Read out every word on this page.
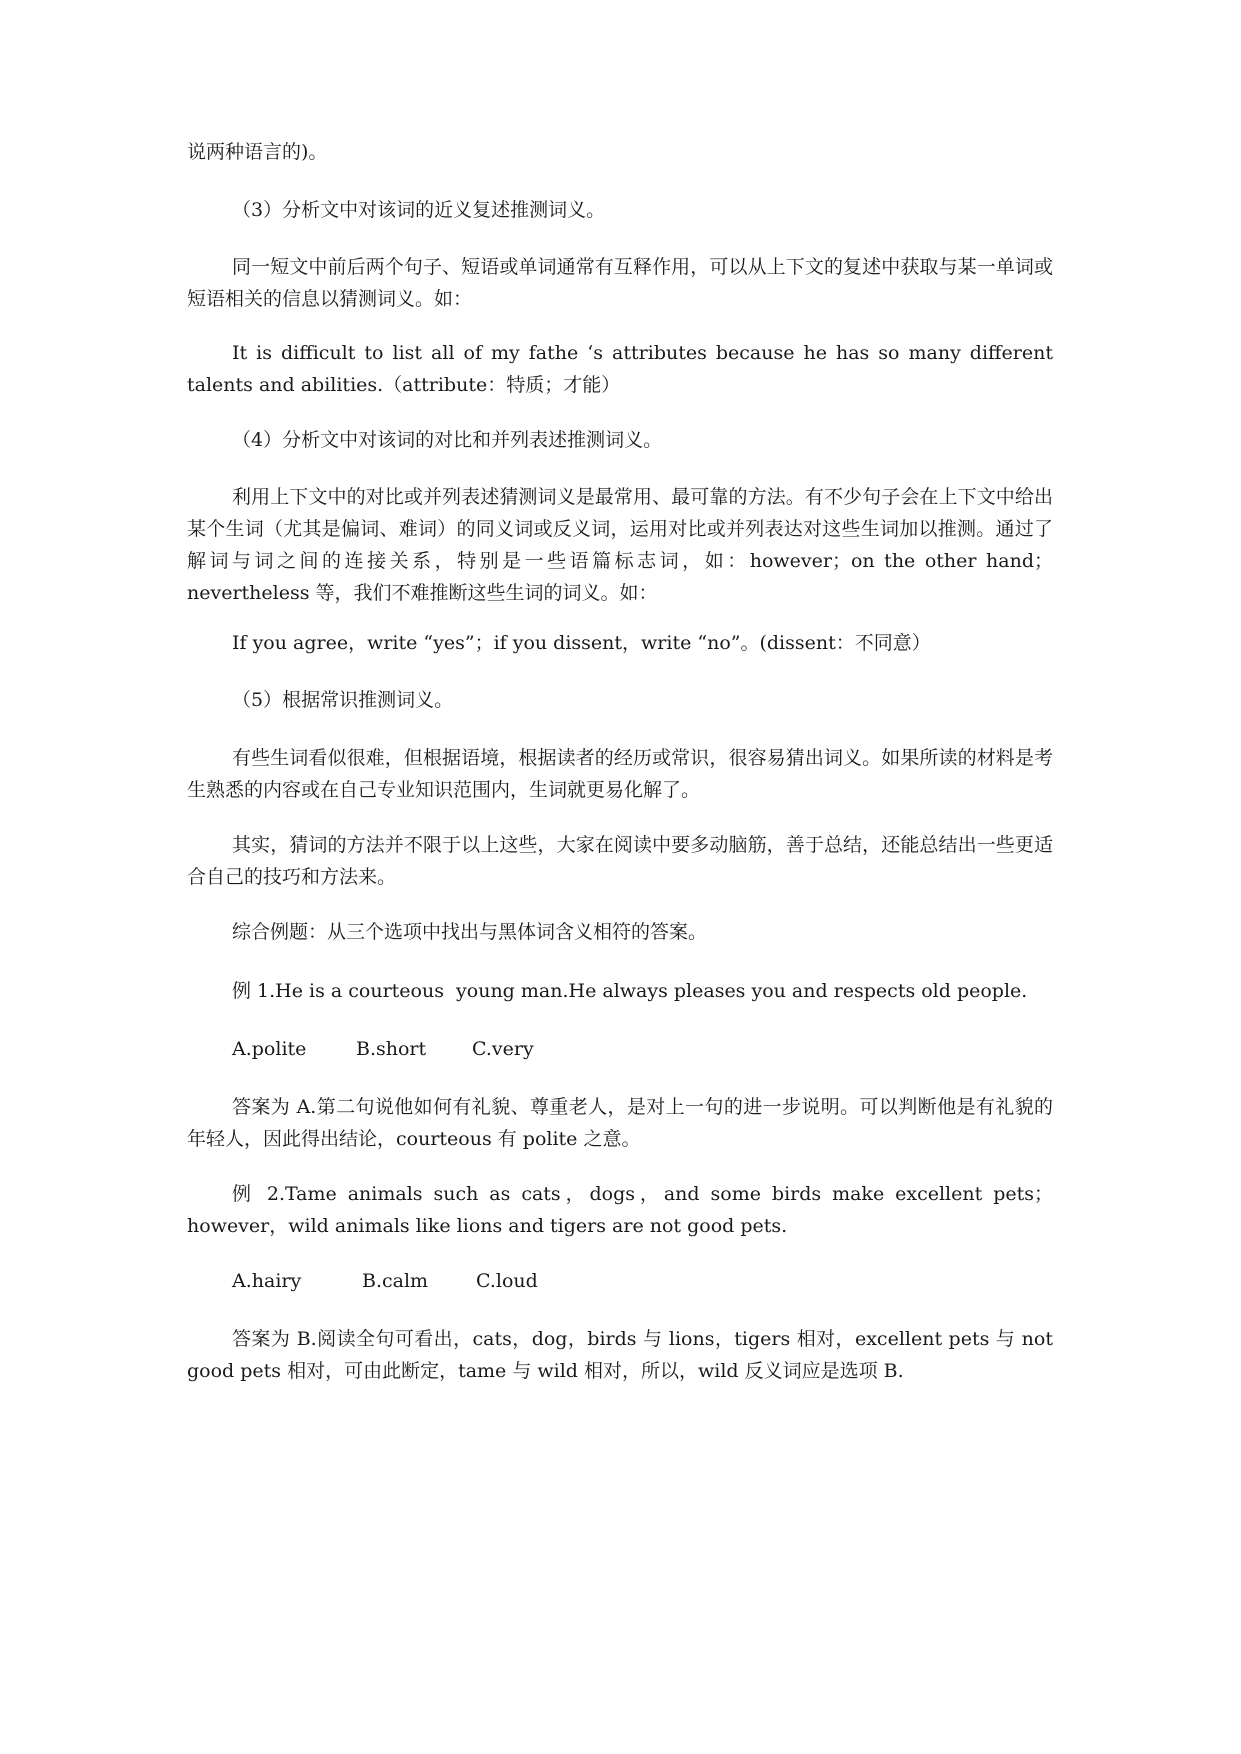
说两种语言的)。

（3）分析文中对该词的近义复述推测词义。

同一短文中前后两个句子、短语或单词通常有互释作用，可以从上下文的复述中获取与某一单词或短语相关的信息以猜测词义。如：

It is difficult to list all of my fathe ‘s attributes because he has so many different talents and abilities.（attribute：特质；才能）

（4）分析文中对该词的对比和并列表述推测词义。

利用上下文中的对比或并列表述猜测词义是最常用、最可靠的方法。有不少句子会在上下文中给出某个生词（尤其是偏词、难词）的同义词或反义词，运用对比或并列表达对这些生词加以推测。通过了解词与词之间的连接关系，特别是一些语篇标志词，如：however；on the other hand；nevertheless 等，我们不难推断这些生词的词义。如：

If you agree，write “yes”；if you dissent，write “no”。(dissent：不同意）

（5）根据常识推测词义。

有些生词看似很难，但根据语境，根据读者的经历或常识，很容易猜出词义。如果所读的材料是考生熟悉的内容或在自己专业知识范围内，生词就更易化解了。

其实，猜词的方法并不限于以上这些，大家在阅读中要多动脑筋，善于总结，还能总结出一些更适合自己的技巧和方法来。

综合例题：从三个选项中找出与黑体词含义相符的答案。

例 1.He is a courteous  young man.He always pleases you and respects old people.

A.polite	B.short C.very

答案为 A.第二句说他如何有礼貌、尊重老人，是对上一句的进一步说明。可以判断他是有礼貌的年轻人，因此得出结论，courteous 有 polite 之意。

例 2.Tame animals such as cats，dogs，and some birds make excellent pets； however，wild animals like lions and tigers are not good pets.

A.hairy	B.calm	C.loud

答案为 B.阅读全句可看出，cats，dog，birds 与 lions，tigers 相对，excellent pets 与 not good pets 相对，可由此断定，tame 与 wild 相对，所以，wild 反义词应是选项 B.
